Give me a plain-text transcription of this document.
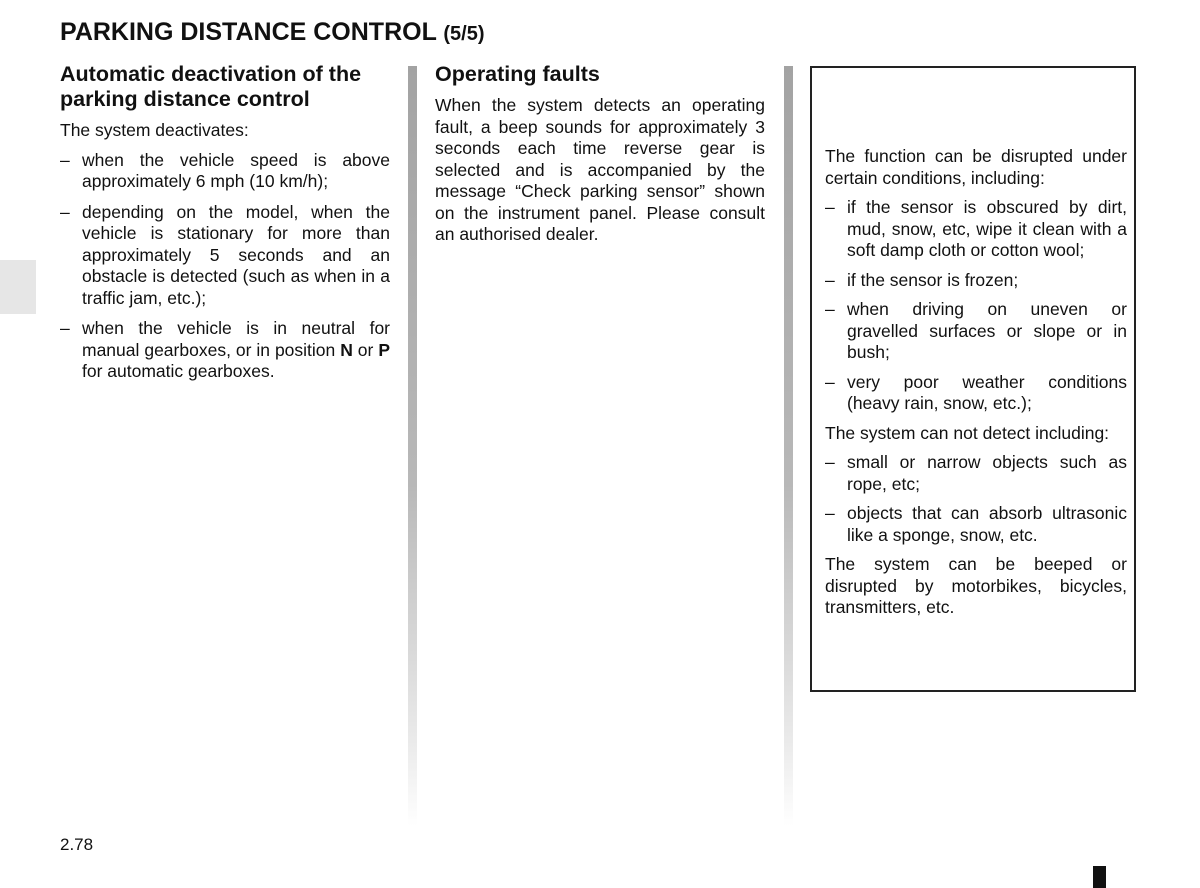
PARKING DISTANCE CONTROL (5/5)
Automatic deactivation of the
parking distance control

The system deactivates:

– when the vehicle speed is above approximately 6 mph (10 km/h);
– depending on the model, when the vehicle is stationary for more than approximately 5 seconds and an obstacle is detected (such as when in a traffic jam, etc.);
– when the vehicle is in neutral for manual gearboxes, or in position N or P for automatic gearboxes.
Operating faults

When the system detects an operating fault, a beep sounds for approximately 3 seconds each time reverse gear is selected and is accompanied by the message “Check parking sensor” shown on the instrument panel. Please consult an authorised dealer.

The function can be disrupted under certain conditions, including:

– if the sensor is obscured by dirt, mud, snow, etc, wipe it clean with a soft damp cloth or cotton wool;
– if the sensor is frozen;
– when driving on uneven or gravelled surfaces or slope or in bush;
– very poor weather conditions (heavy rain, snow, etc.);

The system can not detect including:

– small or narrow objects such as rope, etc;
– objects that can absorb ultrasonic like a sponge, snow, etc.

The system can be beeped or disrupted by motorbikes, bicycles, transmitters, etc.

2.78
